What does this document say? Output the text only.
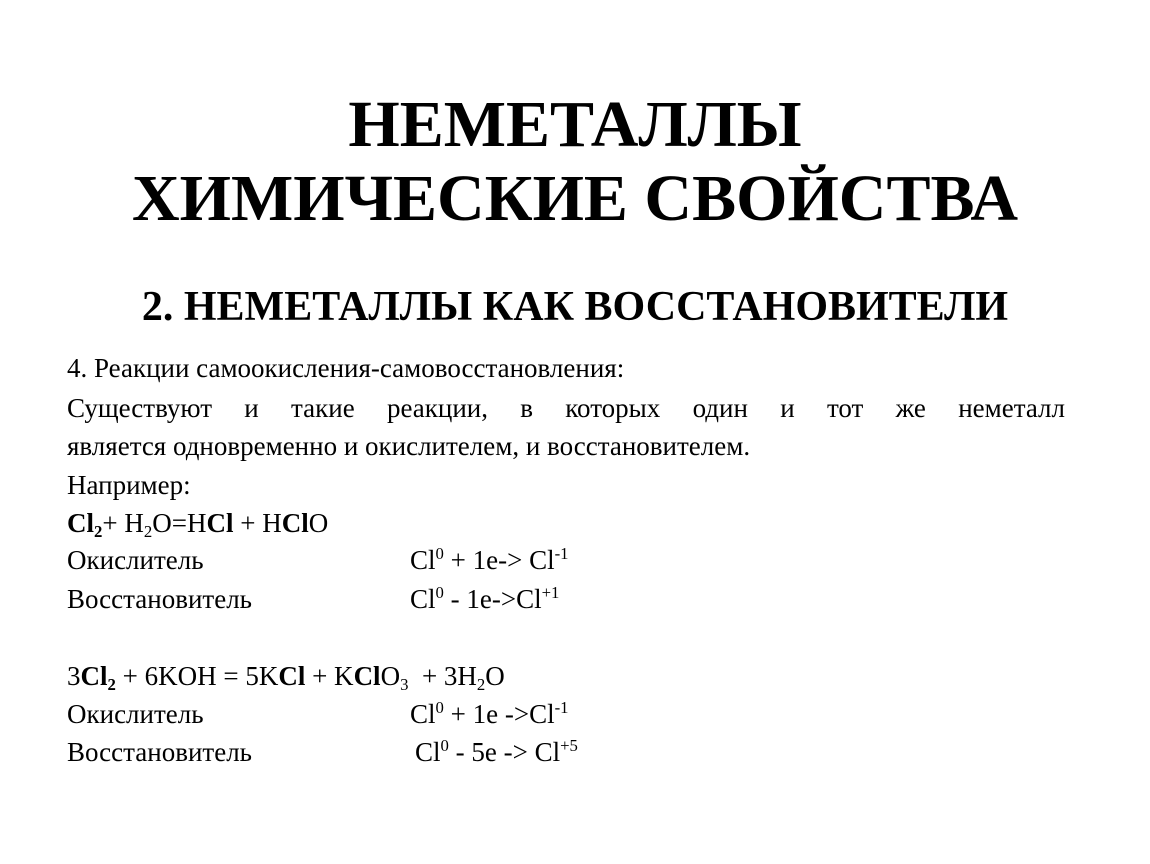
НЕМЕТАЛЛЫ
ХИМИЧЕСКИЕ СВОЙСТВА
2. НЕМЕТАЛЛЫ КАК ВОССТАНОВИТЕЛИ
4. Реакции самоокисления-самовосстановления:
Существуют и такие реакции, в которых один и тот же неметалл
является одновременно и окислителем, и восстановителем.
Например:
$Cl_2+ H_2O=HCl$ + HClO
Окислитель	$Cl^0 + 1e-> Cl^{-1}$
Восстановитель	$Cl^0 - 1e->Cl^{+1}$
$3Cl_2 + 6KOH = 5KCl$ + KClO$_3$  + $3H_2O$
Окислитель	$Cl^0 + 1e$ $->Cl^{-1}$
Восстановитель	$Cl^0 - 5e -> Cl^{+5}$
